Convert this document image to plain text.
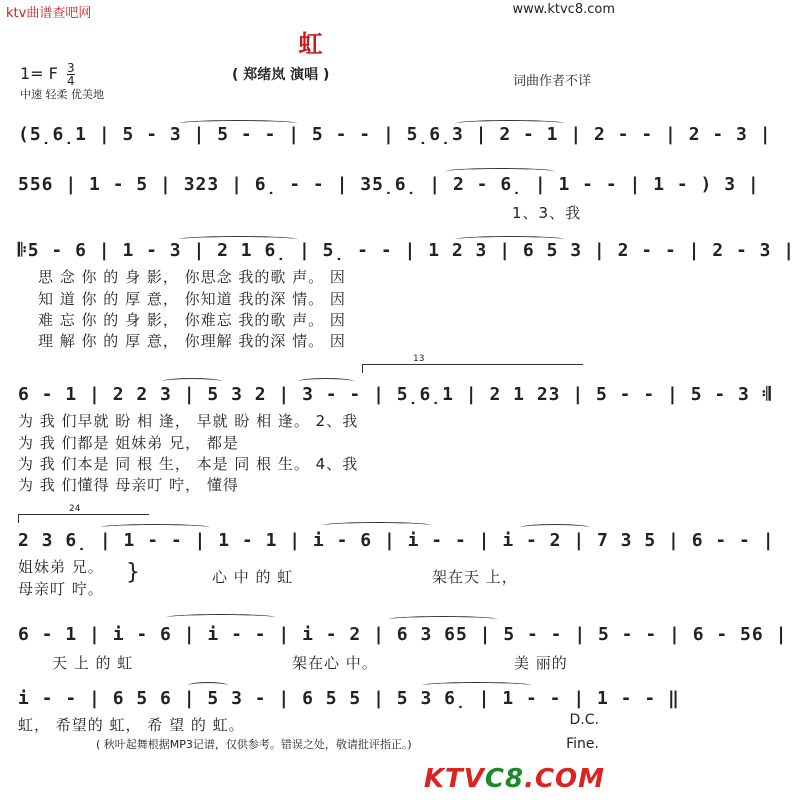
ktv曲谱查吧网	www.ktvc8.com
虹
( 郑绪岚 演唱 )
1= F $\frac{3}{4}$
中速 轻柔 优美地
词曲作者不详
(5̣6̣1 | 5 - 3 | 5 - - | 5 - - | 5̣6̣3 | 2 - 1 | 2 - - | 2 - 3 |
556 | 1 - 5 | 323 | 6̣ - - | 35̣6̣ | 2 - 6̣ | 1 - - | 1 - ) 3 |
1、3、我
𝄆5 - 6 | 1 - 3 | 2 1 6̣ | 5̣ - - | 1 2 3 | 6 5 3 | 2 - - | 2 - 3 |
思 念 你 的 身 影， 你思念 我的歌 声。 因
知 道 你 的 厚 意， 你知道 我的深 情。 因
难 忘 你 的 身 影， 你难忘 我的歌 声。 因
理 解 你 的 厚 意， 你理解 我的深 情。 因
13
6 - 1 | 2 2 3 | 5 3 2 | 3 - - | 5̣6̣1 | 2 1 23 | 5 - - | 5 - 3 𝄇
为 我 们早就 盼 相 逢， 早就 盼 相 逢。 2、我
为 我 们都是 姐妹弟 兄， 都是
为 我 们本是 同 根 生， 本是 同 根 生。 4、我
为 我 们懂得 母亲叮 咛， 懂得
24
2 3 6̣ | 1 - - | 1 - 1 | i - 6 | i - - | i - 2 | 7 3 5 | 6 - - |
姐妹弟 兄。
母亲叮 咛。
}	心 中 的 虹	架在天 上，
6 - 1 | i - 6 | i - - | i - 2 | 6 3 65 | 5 - - | 5 - - | 6 - 56 |
天 上 的 虹	架在心 中。	美 丽的
i - - | 6 5 6 | 5 3 - | 6 5 5 | 5 3 6̣ | 1 - - | 1 - - ‖
虹， 希望的 虹， 希 望 的 虹。	D.C.
( 秋叶起舞根据MP3记谱，仅供参考。错误之处，敬请批评指正。)	Fine.
KTVC8.COM
